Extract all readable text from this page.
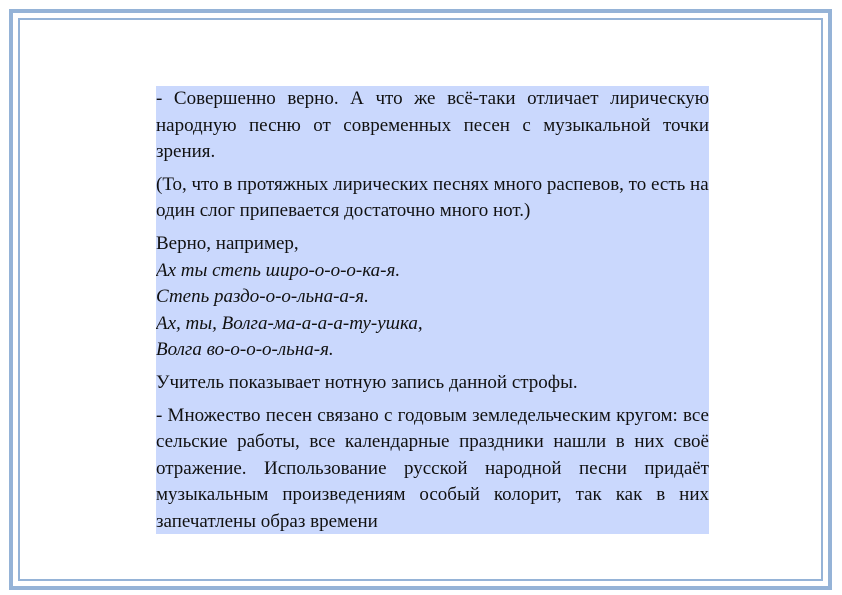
- Совершенно верно. А что же всё-таки отличает лирическую народную песню от современных песен с музыкальной точки зрения.

(То, что в протяжных лирических песнях много распевов, то есть на один слог припевается достаточно много нот.)

Верно, например,

Ах ты степь широ-о-о-о-ка-я.
Степь раздо-о-о-льна-а-я.
Ах, ты, Волга-ма-а-а-а-ту-ушка,
Волга во-о-о-о-льна-я.

Учитель показывает нотную запись данной строфы.

- Множество песен связано с годовым земледельческим кругом: все сельские работы, все календарные праздники нашли в них своё отражение. Использование русской народной песни придаёт музыкальным произведениям особый колорит, так как в них запечатлены образ времени
